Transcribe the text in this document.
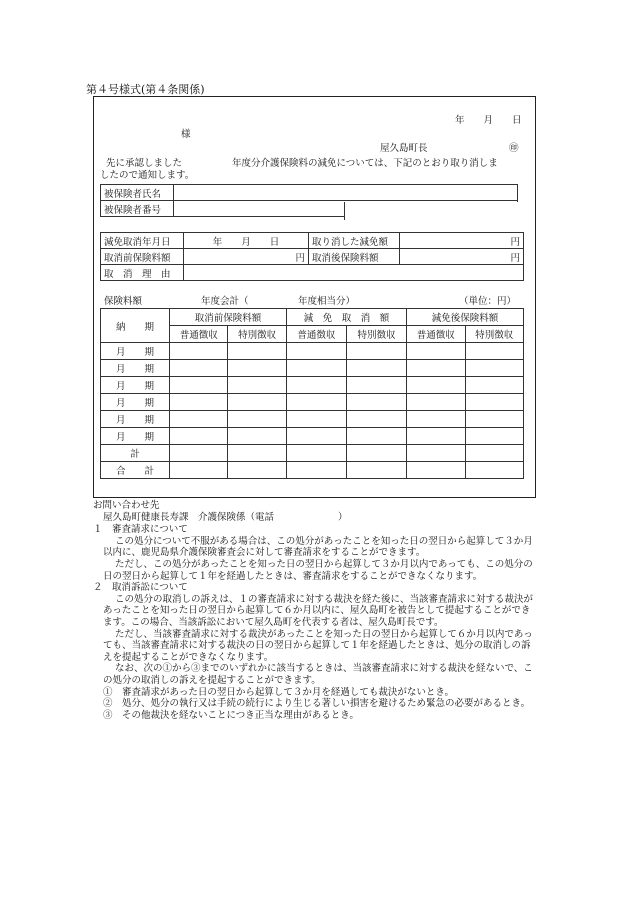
第４号様式(第４条関係)
年　　月　　日
様
屋久島町長	㊞
先に承認しました	年度分介護保険料の減免については、下記のとおり取り消しま
したので通知します。
被保険者氏名	
被保険者番号	
減免取消年月日	年　　月　　日	取り消した減免額	円
取消前保険料額	円	取消後保険料額	円
取　消　理　由			
保険料額	年度会計（	年度相当分）	（単位：円）
納　　期	取消前保険料額		減　免　取　消　額		減免後保険料額	
	普通徴収	特別徴収	普通徴収	特別徴収	普通徴収	特別徴収
月　　期						
月　　期						
月　　期						
月　　期						
月　　期						
月　　期						
計						
合　　計						
お問い合わせ先
屋久島町健康長寿課　介護保険係（電話	）
１　審査請求について
この処分について不服がある場合は、この処分があったことを知った日の翌日から起算して３か月以内に、鹿児島県介護保険審査会に対して審査請求をすることができます。
ただし、この処分があったことを知った日の翌日から起算して３か月以内であっても、この処分の日の翌日から起算して１年を経過したときは、審査請求をすることができなくなります。
２　取消訴訟について
この処分の取消しの訴えは、１の審査請求に対する裁決を経た後に、当該審査請求に対する裁決があったことを知った日の翌日から起算して６か月以内に、屋久島町を被告として提起することができます。この場合、当該訴訟において屋久島町を代表する者は、屋久島町長です。
ただし、当該審査請求に対する裁決があったことを知った日の翌日から起算して６か月以内であっても、当該審査請求に対する裁決の日の翌日から起算して１年を経過したときは、処分の取消しの訴えを提起することができなくなります。
なお、次の①から③までのいずれかに該当するときは、当該審査請求に対する裁決を経ないで、この処分の取消しの訴えを提起することができます。
①　審査請求があった日の翌日から起算して３か月を経過しても裁決がないとき。
②　処分、処分の執行又は手続の続行により生じる著しい損害を避けるため緊急の必要があるとき。
③　その他裁決を経ないことにつき正当な理由があるとき。
